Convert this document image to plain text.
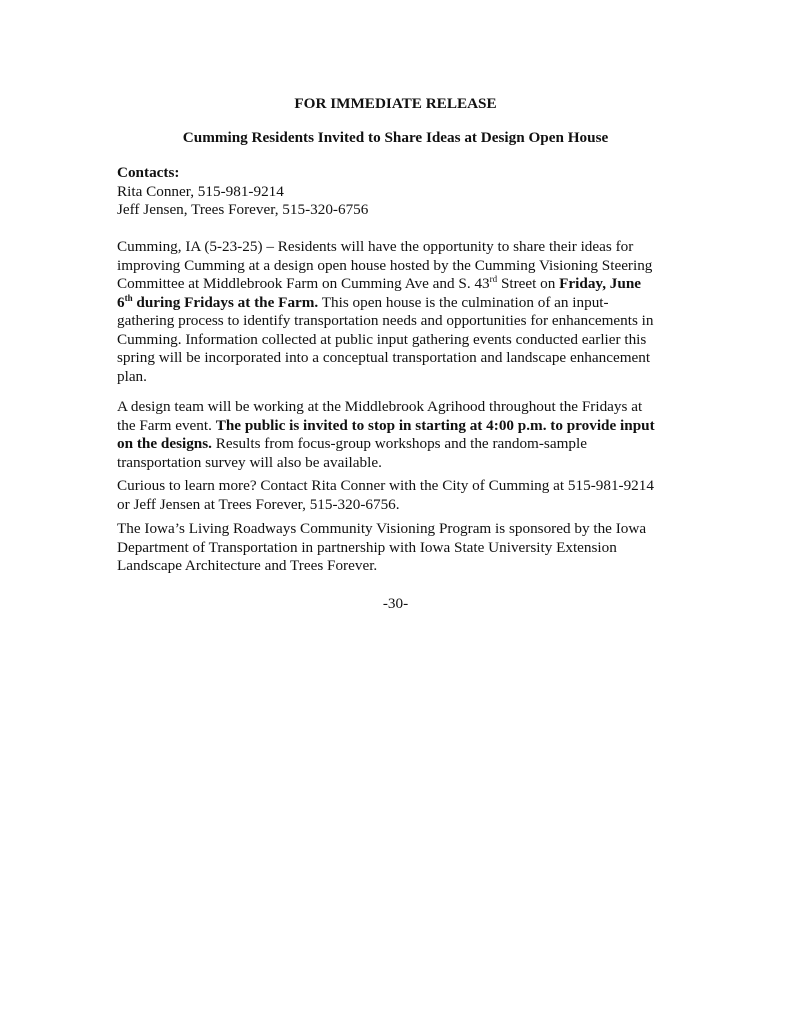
FOR IMMEDIATE RELEASE
Cumming Residents Invited to Share Ideas at Design Open House
Contacts:
Rita Conner, 515-981-9214
Jeff Jensen, Trees Forever, 515-320-6756

Cumming, IA (5-23-25) – Residents will have the opportunity to share their ideas for
improving Cumming at a design open house hosted by the Cumming Visioning Steering
Committee at Middlebrook Farm on Cumming Ave and S. 43rd Street on Friday, June
6th during Fridays at the Farm. This open house is the culmination of an input-
gathering process to identify transportation needs and opportunities for enhancements in
Cumming. Information collected at public input gathering events conducted earlier this
spring will be incorporated into a conceptual transportation and landscape enhancement
plan.

A design team will be working at the Middlebrook Agrihood throughout the Fridays at
the Farm event. The public is invited to stop in starting at 4:00 p.m. to provide input
on the designs. Results from focus-group workshops and the random-sample
transportation survey will also be available.

Curious to learn more? Contact Rita Conner with the City of Cumming at 515-981-9214
or Jeff Jensen at Trees Forever, 515-320-6756.

The Iowa’s Living Roadways Community Visioning Program is sponsored by the Iowa
Department of Transportation in partnership with Iowa State University Extension
Landscape Architecture and Trees Forever.

-30-
